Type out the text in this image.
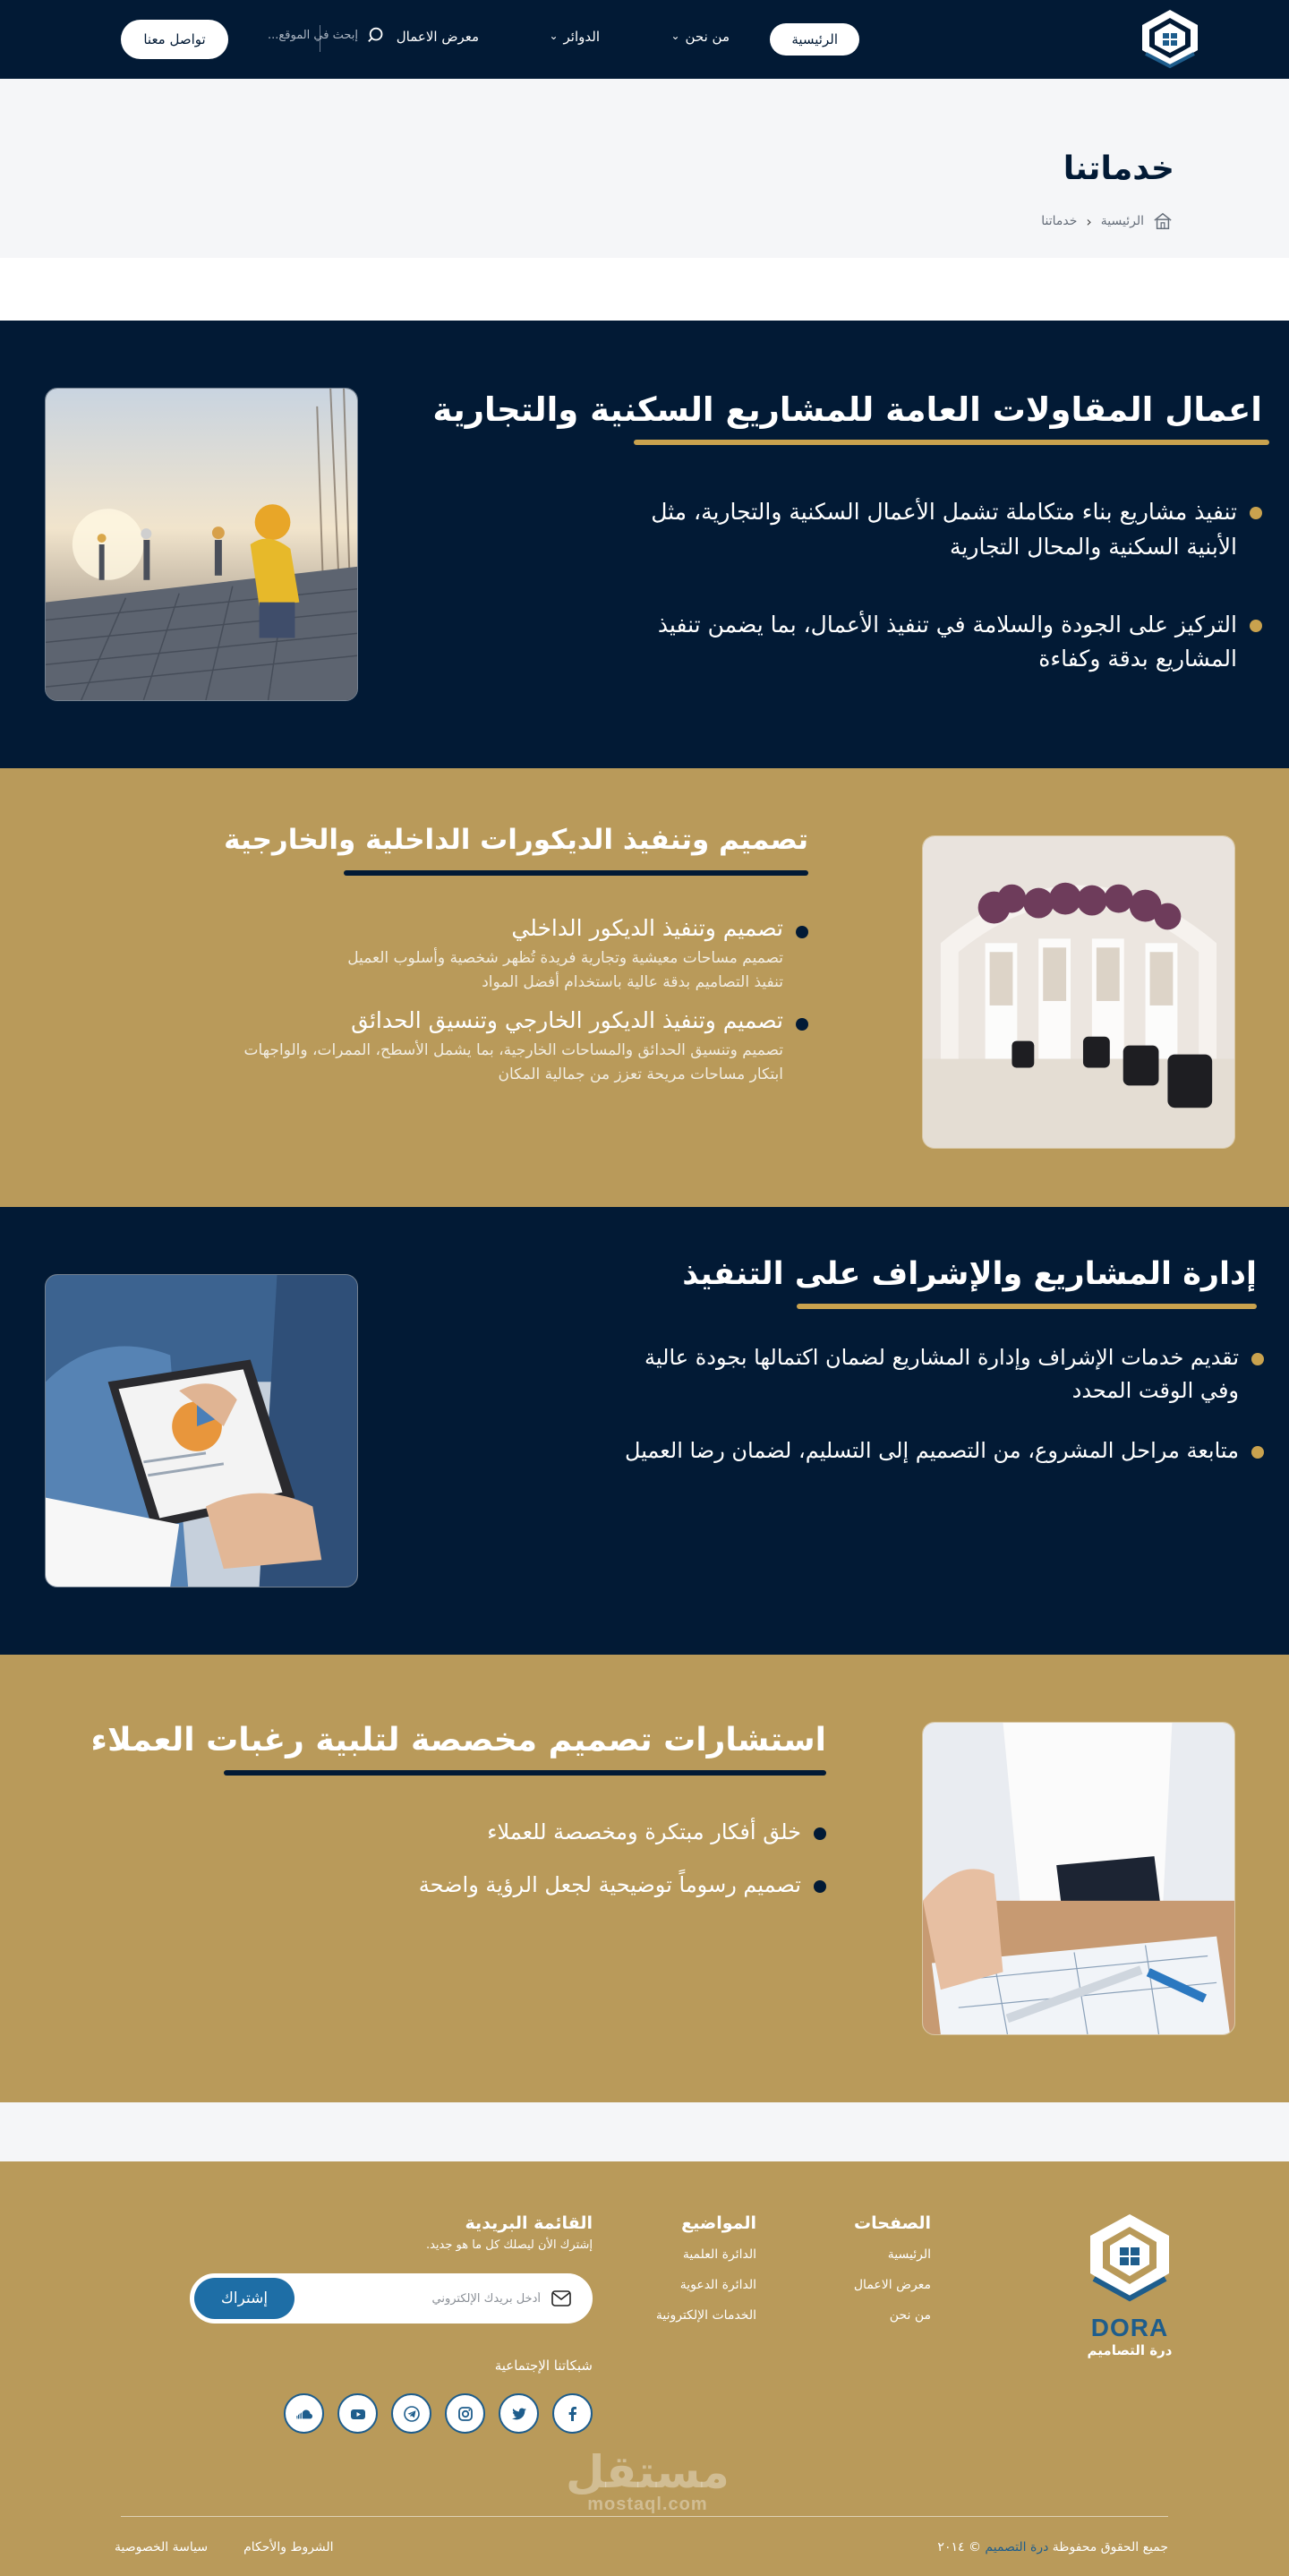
الرئيسية
من نحن
⌄
الدوائر
⌄
معرض الاعمال
إبحث في الموقع...
تواصل معنا
خدماتنا
الرئيسية
‹
خدماتنا
اعمال المقاولات العامة للمشاريع السكنية والتجارية
تنفيذ مشاريع بناء متكاملة تشمل الأعمال السكنية والتجارية، مثل الأبنية السكنية والمحال التجارية
التركيز على الجودة والسلامة في تنفيذ الأعمال، بما يضمن تنفيذ المشاريع بدقة وكفاءة
تصميم وتنفيذ الديكورات الداخلية والخارجية
تصميم وتنفيذ الديكور الداخلي
تصميم مساحات معيشية وتجارية فريدة تُظهر شخصية وأسلوب العميل
تنفيذ التصاميم بدقة عالية باستخدام أفضل المواد
تصميم وتنفيذ الديكور الخارجي وتنسيق الحدائق
تصميم وتنسيق الحدائق والمساحات الخارجية، بما يشمل الأسطح، الممرات، والواجهات
ابتكار مساحات مريحة تعزز من جمالية المكان
إدارة المشاريع والإشراف على التنفيذ
تقديم خدمات الإشراف وإدارة المشاريع لضمان اكتمالها بجودة عالية وفي الوقت المحدد
متابعة مراحل المشروع، من التصميم إلى التسليم، لضمان رضا العميل
استشارات تصميم مخصصة لتلبية رغبات العملاء
خلق أفكار مبتكرة ومخصصة للعملاء
تصميم رسوماً توضيحية لجعل الرؤية واضحة
DORA
درة التصاميم
الصفحات
الرئيسية
معرض الاعمال
من نحن
المواضيع
الدائرة العلمية
الدائرة الدعوية
الخدمات الإلكترونية
القائمة البريدية
إشترك الأن ليصلك كل ما هو جديد.
أدخل بريدك الإلكتروني
إشتراك
شبكاتنا الإجتماعية
مستقل
mostaql.com
جميع الحقوق محفوظة درة التصميم © ٢٠١٤
سياسة الخصوصية	الشروط والأحكام
